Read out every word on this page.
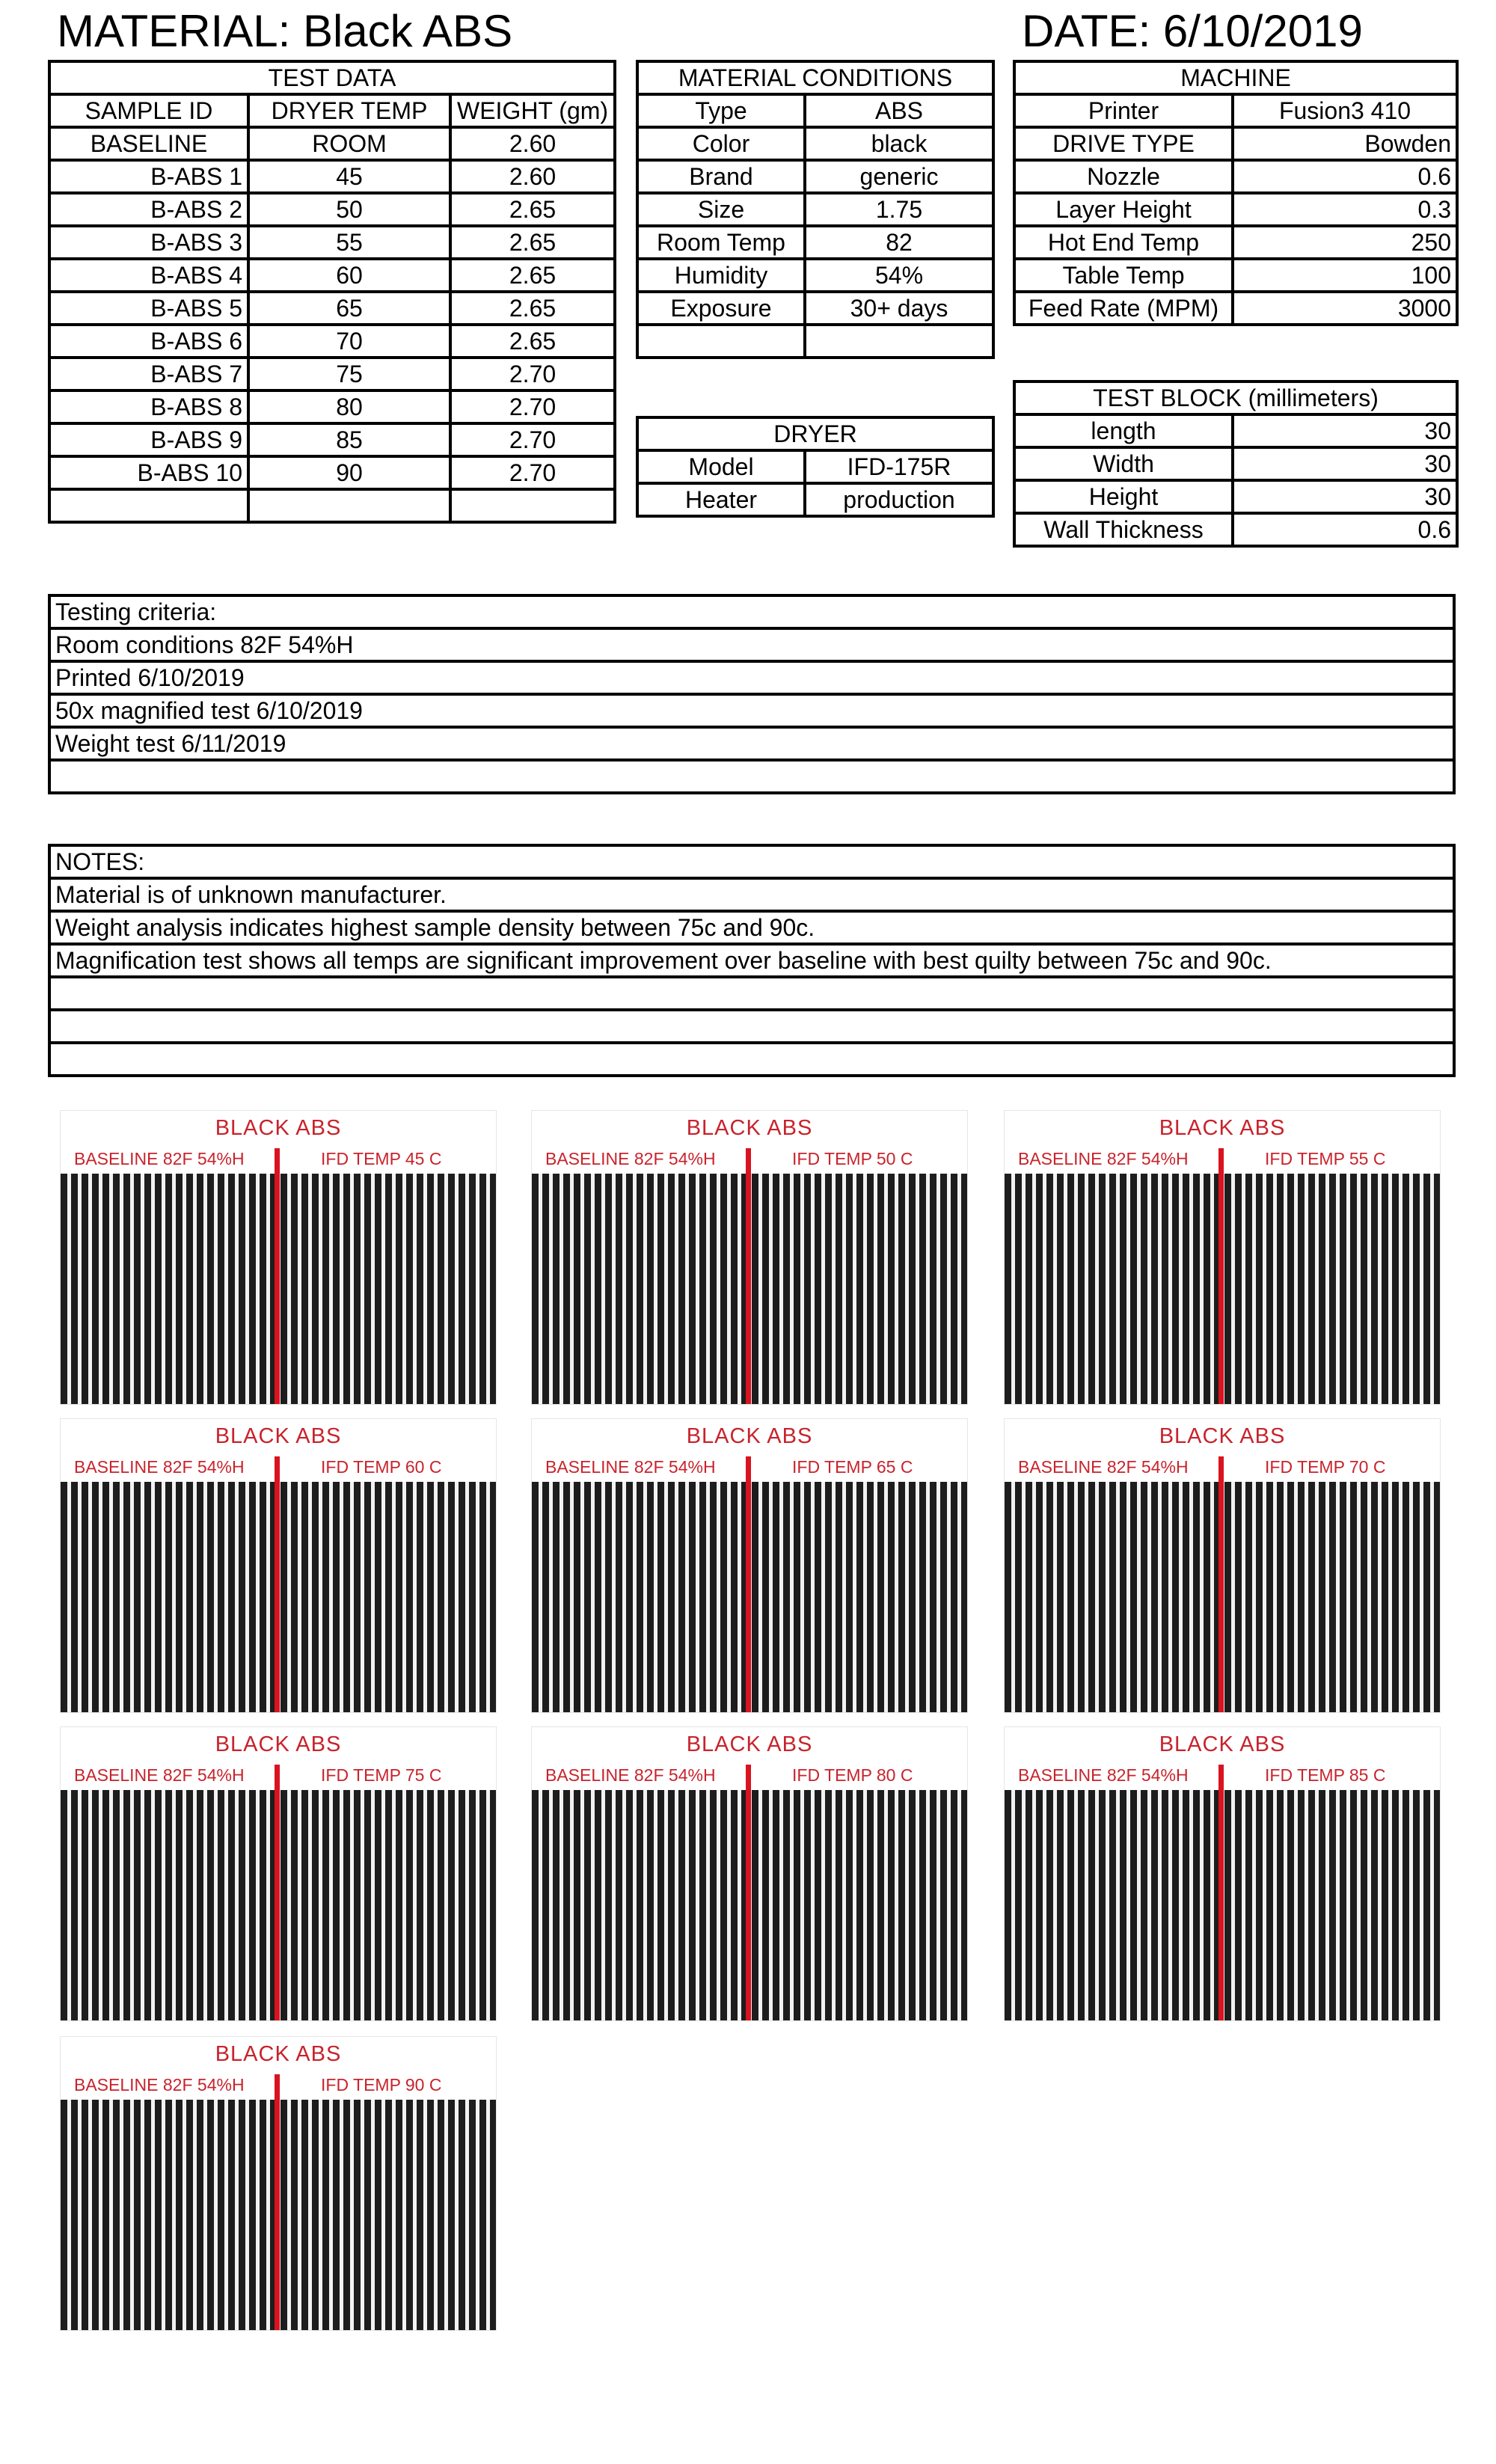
MATERIAL: Black ABS	DATE: 6/10/2019
TEST DATA		
SAMPLE ID	DRYER TEMP	WEIGHT (gm)
BASELINE	ROOM	2.60
B-ABS 1	45	2.60
B-ABS 2	50	2.65
B-ABS 3	55	2.65
B-ABS 4	60	2.65
B-ABS 5	65	2.65
B-ABS 6	70	2.65
B-ABS 7	75	2.70
B-ABS 8	80	2.70
B-ABS 9	85	2.70
B-ABS 10	90	2.70

MATERIAL CONDITIONS	
Type	ABS
Color	black
Brand	generic
Size	1.75
Room Temp	82
Humidity	54%
Exposure	30+ days

DRYER	
Model	IFD-175R
Heater	production
MACHINE	
Printer	Fusion3 410
DRIVE TYPE	Bowden
Nozzle	0.6
Layer Height	0.3
Hot End Temp	250
Table Temp	100
Feed Rate (MPM)	3000
TEST BLOCK (millimeters)	
length	30
Width	30
Height	30
Wall Thickness	0.6
Testing criteria:
Room conditions 82F 54%H
Printed 6/10/2019
50x magnified test 6/10/2019
Weight test 6/11/2019

NOTES:
Material is of unknown manufacturer.
Weight analysis indicates highest sample density between 75c and 90c.
Magnification test shows all temps are significant improvement over baseline with best quilty between 75c and 90c.

BLACK ABS
BASELINE 82F 54%H	IFD TEMP 45 C
BLACK ABS
BASELINE 82F 54%H	IFD TEMP 50 C
BLACK ABS
BASELINE 82F 54%H	IFD TEMP 55 C
BLACK ABS
BASELINE 82F 54%H	IFD TEMP 60 C
BLACK ABS
BASELINE 82F 54%H	IFD TEMP 65 C
BLACK ABS
BASELINE 82F 54%H	IFD TEMP 70 C
BLACK ABS
BASELINE 82F 54%H	IFD TEMP 75 C
BLACK ABS
BASELINE 82F 54%H	IFD TEMP 80 C
BLACK ABS
BASELINE 82F 54%H	IFD TEMP 85 C
BLACK ABS
BASELINE 82F 54%H	IFD TEMP 90 C
